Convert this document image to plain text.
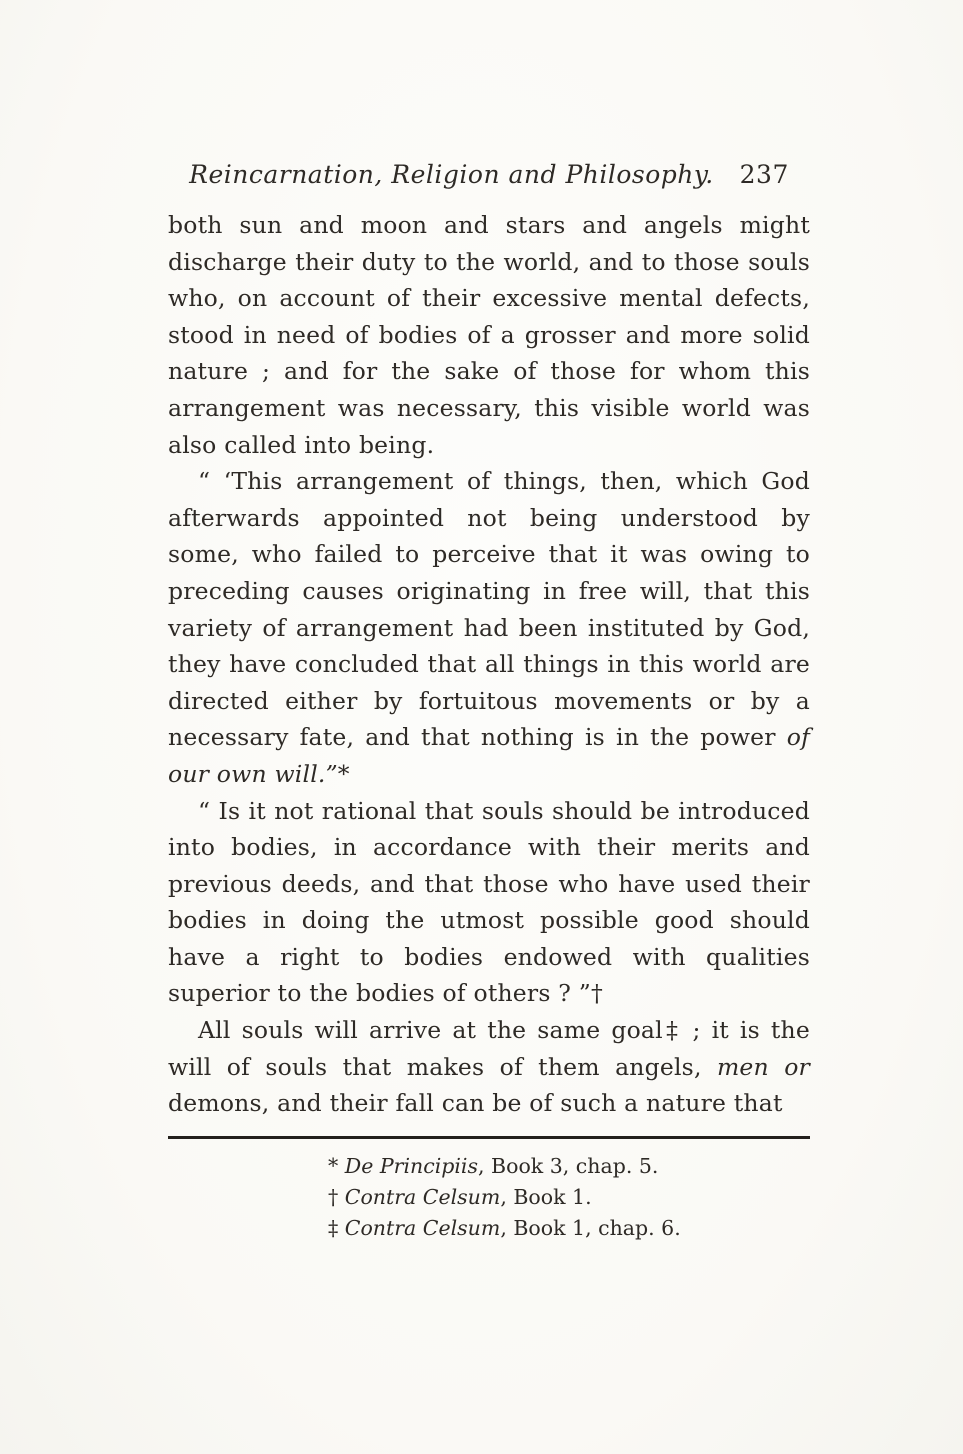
Reincarnation, Religion and Philosophy. 237

both sun and moon and stars and angels might discharge their duty to the world, and to those souls who, on account of their excessive mental defects, stood in need of bodies of a grosser and more solid nature ; and for the sake of those for whom this arrangement was necessary, this visible world was also called into being.

“ ‘This arrangement of things, then, which God afterwards appointed not being understood by some, who failed to perceive that it was owing to preceding causes originating in free will, that this variety of arrangement had been instituted by God, they have concluded that all things in this world are directed either by fortuitous movements or by a necessary fate, and that nothing is in the power of our own will.”*

“ Is it not rational that souls should be introduced into bodies, in accordance with their merits and previous deeds, and that those who have used their bodies in doing the utmost possible good should have a right to bodies endowed with qualities superior to the bodies of others ? ”†

All souls will arrive at the same goal‡ ; it is the will of souls that makes of them angels, men or demons, and their fall can be of such a nature that

* De Principiis, Book 3, chap. 5.
† Contra Celsum, Book 1.
‡ Contra Celsum, Book 1, chap. 6.
